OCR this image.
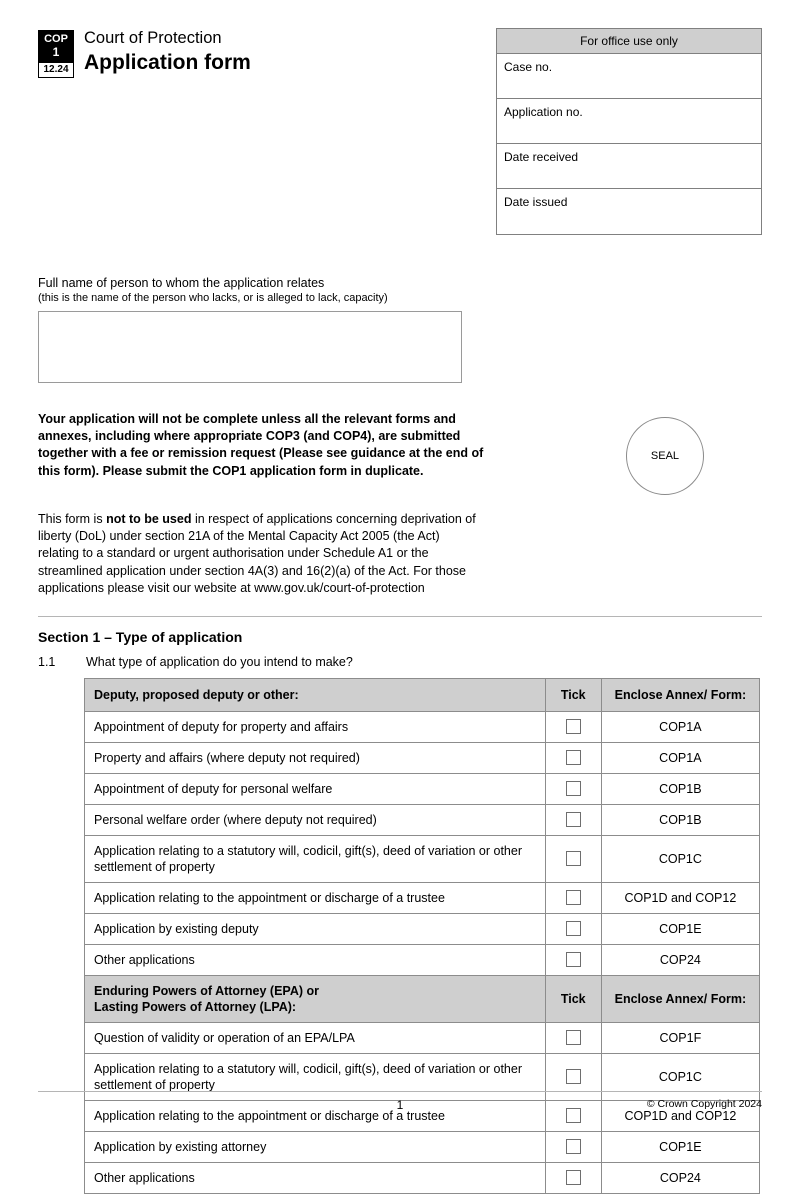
COP
1
12.24

Court of Protection

Application form

For office use only
Case no.
Application no.
Date received
Date issued
Full name of person to whom the application relates
(this is the name of the person who lacks, or is alleged to lack, capacity)
Your application will not be complete unless all the relevant forms and annexes, including where appropriate COP3 (and COP4), are submitted together with a fee or remission request (Please see guidance at the end of this form). Please submit the COP1 application form in duplicate.
SEAL
This form is not to be used in respect of applications concerning deprivation of liberty (DoL) under section 21A of the Mental Capacity Act 2005 (the Act) relating to a standard or urgent authorisation under Schedule A1 or the streamlined application under section 4A(3) and 16(2)(a) of the Act. For those applications please visit our website at www.gov.uk/court-of-protection
Section 1 – Type of application
1.1	What type of application do you intend to make?
Deputy, proposed deputy or other:	Tick	Enclose Annex/ Form:
Appointment of deputy for property and affairs		COP1A
Property and affairs (where deputy not required)		COP1A
Appointment of deputy for personal welfare		COP1B
Personal welfare order (where deputy not required)		COP1B
Application relating to a statutory will, codicil, gift(s), deed of variation or other settlement of property		COP1C
Application relating to the appointment or discharge of a trustee		COP1D and COP12
Application by existing deputy		COP1E
Other applications		COP24
Enduring Powers of Attorney (EPA) or
Lasting Powers of Attorney (LPA):	Tick	Enclose Annex/ Form:
Question of validity or operation of an EPA/LPA		COP1F
Application relating to a statutory will, codicil, gift(s), deed of variation or other settlement of property		COP1C
Application relating to the appointment or discharge of a trustee		COP1D and COP12
Application by existing attorney		COP1E
Other applications		COP24
1	© Crown Copyright 2024
